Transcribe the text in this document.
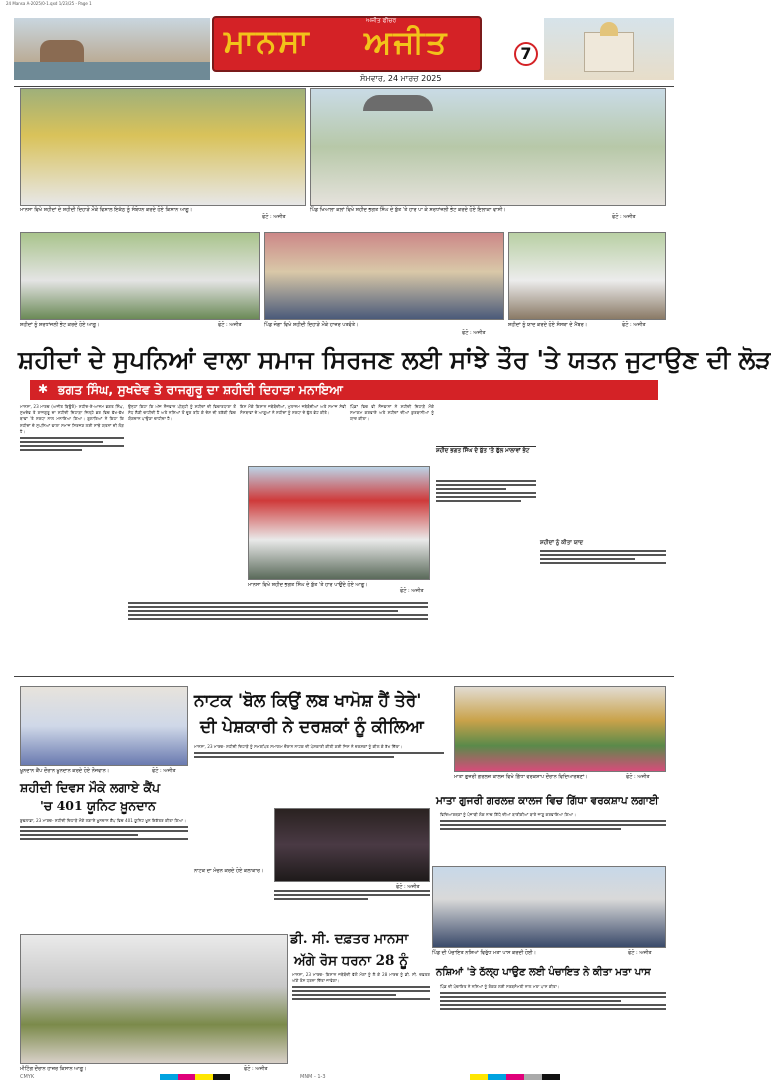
24 Mansa A-2025/0-1.qxd 1/23/25 - Page 1
ਮਾਨਸਾ
ਅਜੀਤ ਫੀਚਰ
ਅਜੀਤ
ਸੋਮਵਾਰ, 24 ਮਾਰਚ 2025
7
ਮਾਨਸਾ ਵਿਖੇ ਸ਼ਹੀਦਾਂ ਦੇ ਸ਼ਹੀਦੀ ਦਿਹਾੜੇ ਮੌਕੇ ਵਿਸ਼ਾਲ ਇਕੱਠ ਨੂੰ ਸੰਬੋਧਨ ਕਰਦੇ ਹੋਏ ਕਿਸਾਨ ਆਗੂ।
ਫੋਟੋ : ਅਜੀਤ
ਪਿੰਡ ਖਿਆਲਾ ਕਲਾਂ ਵਿਖੇ ਸ਼ਹੀਦ ਭਗਤ ਸਿੰਘ ਦੇ ਬੁੱਤ 'ਤੇ ਹਾਰ ਪਾ ਕੇ ਸ਼ਰਧਾਂਜਲੀ ਭੇਟ ਕਰਦੇ ਹੋਏ ਇਲਾਕਾ ਵਾਸੀ।
ਫੋਟੋ : ਅਜੀਤ
ਸ਼ਹੀਦਾਂ ਨੂੰ ਸ਼ਰਧਾਂਜਲੀ ਭੇਟ ਕਰਦੇ ਹੋਏ ਆਗੂ।	ਫੋਟੋ : ਅਜੀਤ	ਪਿੰਡ ਜੋਗਾ ਵਿਖੇ ਸ਼ਹੀਦੀ ਦਿਹਾੜੇ ਮੌਕੇ ਹਾਜ਼ਰ ਪਤਵੰਤੇ।
ਫੋਟੋ : ਅਜੀਤ
ਸ਼ਹੀਦਾਂ ਨੂੰ ਯਾਦ ਕਰਦੇ ਹੋਏ ਸੰਸਥਾ ਦੇ ਮੈਂਬਰ।	ਫੋਟੋ : ਅਜੀਤ
ਸ਼ਹੀਦਾਂ ਦੇ ਸੁਪਨਿਆਂ ਵਾਲਾ ਸਮਾਜ ਸਿਰਜਣ ਲਈ ਸਾਂਝੇ ਤੌਰ 'ਤੇ ਯਤਨ ਜੁਟਾਉਣ ਦੀ ਲੋੜ
✱ ਭਗਤ ਸਿੰਘ, ਸੁਖਦੇਵ ਤੇ ਰਾਜਗੁਰੂ ਦਾ ਸ਼ਹੀਦੀ ਦਿਹਾੜਾ ਮਨਾਇਆ

ਮਾਨਸਾ, 23 ਮਾਰਚ (ਅਜੀਤ ਬਿਊਰੋ)- ਸ਼ਹੀਦ-ਏ-ਆਜ਼ਮ ਭਗਤ ਸਿੰਘ, ਸੁਖਦੇਵ ਤੇ ਰਾਜਗੁਰੂ ਦਾ ਸ਼ਹੀਦੀ ਦਿਹਾੜਾ ਜ਼ਿਲ੍ਹੇ ਭਰ ਵਿਚ ਵੱਖ-ਵੱਖ ਥਾਵਾਂ 'ਤੇ ਸ਼ਰਧਾ ਨਾਲ ਮਨਾਇਆ ਗਿਆ। ਬੁਲਾਰਿਆਂ ਨੇ ਕਿਹਾ ਕਿ ਸ਼ਹੀਦਾਂ ਦੇ ਸੁਪਨਿਆਂ ਵਾਲਾ ਸਮਾਜ ਸਿਰਜਣ ਲਈ ਸਾਂਝੇ ਯਤਨਾਂ ਦੀ ਲੋੜ ਹੈ।

ਉਨ੍ਹਾਂ ਕਿਹਾ ਕਿ ਅੱਜ ਨੌਜਵਾਨ ਪੀੜ੍ਹੀ ਨੂੰ ਸ਼ਹੀਦਾਂ ਦੀ ਵਿਚਾਰਧਾਰਾ ਤੋਂ ਸੇਧ ਲੈਣੀ ਚਾਹੀਦੀ ਹੈ ਅਤੇ ਨਸ਼ਿਆਂ ਤੋਂ ਦੂਰ ਰਹਿ ਕੇ ਦੇਸ਼ ਦੀ ਤਰੱਕੀ ਵਿਚ ਯੋਗਦਾਨ ਪਾਉਣਾ ਚਾਹੀਦਾ ਹੈ।

ਇਸ ਮੌਕੇ ਕਿਸਾਨ ਜਥੇਬੰਦੀਆਂ, ਮੁਲਾਜ਼ਮ ਜਥੇਬੰਦੀਆਂ ਅਤੇ ਸਮਾਜ ਸੇਵੀ ਸੰਸਥਾਵਾਂ ਦੇ ਆਗੂਆਂ ਨੇ ਸ਼ਹੀਦਾਂ ਨੂੰ ਸ਼ਰਧਾ ਦੇ ਫੁੱਲ ਭੇਟ ਕੀਤੇ।

ਪਿੰਡਾਂ ਵਿਚ ਵੀ ਨੌਜਵਾਨਾਂ ਨੇ ਸ਼ਹੀਦੀ ਦਿਹਾੜੇ ਮੌਕੇ ਸਮਾਗਮ ਕਰਵਾਏ ਅਤੇ ਸ਼ਹੀਦਾਂ ਦੀਆਂ ਕੁਰਬਾਨੀਆਂ ਨੂੰ ਯਾਦ ਕੀਤਾ।

ਮਾਨਸਾ ਵਿਖੇ ਸ਼ਹੀਦ ਭਗਤ ਸਿੰਘ ਦੇ ਬੁੱਤ 'ਤੇ ਹਾਰ ਪਾਉਂਦੇ ਹੋਏ ਆਗੂ।
ਫੋਟੋ : ਅਜੀਤ
ਸ਼ਹੀਦ ਭਗਤ ਸਿੰਘ ਦੇ ਬੁੱਤ 'ਤੇ ਫੁੱਲ ਮਾਲਾਵਾਂ ਭੇਟ
ਸ਼ਹੀਦਾਂ ਨੂੰ ਕੀਤਾ ਯਾਦ
ਖ਼ੂਨਦਾਨ ਕੈਂਪ ਦੌਰਾਨ ਖ਼ੂਨਦਾਨ ਕਰਦੇ ਹੋਏ ਨੌਜਵਾਨ।	ਫੋਟੋ : ਅਜੀਤ
ਨਾਟਕ 'ਬੋਲ ਕਿਉਂ ਲਬ ਖਾਮੋਸ਼ ਹੈਂ ਤੇਰੇ'
ਦੀ ਪੇਸ਼ਕਾਰੀ ਨੇ ਦਰਸ਼ਕਾਂ ਨੂੰ ਕੀਲਿਆ

ਮਾਨਸਾ, 23 ਮਾਰਚ- ਸ਼ਹੀਦੀ ਦਿਹਾੜੇ ਨੂੰ ਸਮਰਪਿਤ ਸਮਾਗਮ ਦੌਰਾਨ ਨਾਟਕ ਦੀ ਪੇਸ਼ਕਾਰੀ ਕੀਤੀ ਗਈ ਜਿਸ ਨੇ ਦਰਸ਼ਕਾਂ ਨੂੰ ਕੀਲ ਕੇ ਰੱਖ ਦਿੱਤਾ।

ਸ਼ਹੀਦੀ ਦਿਵਸ ਮੌਕੇ ਲਗਾਏ ਕੈਂਪ
'ਚ 401 ਯੂਨਿਟ ਖ਼ੂਨਦਾਨ

ਬੁਢਲਾਡਾ, 23 ਮਾਰਚ- ਸ਼ਹੀਦੀ ਦਿਹਾੜੇ ਮੌਕੇ ਲਗਾਏ ਖ਼ੂਨਦਾਨ ਕੈਂਪ ਵਿਚ 401 ਯੂਨਿਟ ਖ਼ੂਨ ਇਕੱਤਰ ਕੀਤਾ ਗਿਆ।

ਨਾਟਕ ਦਾ ਮੰਚਨ ਕਰਦੇ ਹੋਏ ਕਲਾਕਾਰ।
ਫੋਟੋ : ਅਜੀਤ
ਮਾਤਾ ਗੁਜਰੀ ਗਰਲਜ਼ ਕਾਲਜ ਵਿਖੇ ਗਿੱਧਾ ਵਰਕਸ਼ਾਪ ਦੌਰਾਨ ਵਿਦਿਆਰਥਣਾਂ।	ਫੋਟੋ : ਅਜੀਤ
ਮਾਤਾ ਗੁਜਰੀ ਗਰਲਜ਼ ਕਾਲਜ ਵਿਚ ਗਿੱਧਾ ਵਰਕਸ਼ਾਪ ਲਗਾਈ

ਵਿਦਿਆਰਥਣਾਂ ਨੂੰ ਪੰਜਾਬੀ ਲੋਕ ਨਾਚ ਗਿੱਧੇ ਦੀਆਂ ਬਾਰੀਕੀਆਂ ਬਾਰੇ ਜਾਣੂ ਕਰਵਾਇਆ ਗਿਆ।

ਪਿੰਡ ਦੀ ਪੰਚਾਇਤ ਨਸ਼ਿਆਂ ਵਿਰੁੱਧ ਮਤਾ ਪਾਸ ਕਰਦੀ ਹੋਈ।	ਫੋਟੋ : ਅਜੀਤ
ਡੀ. ਸੀ. ਦਫ਼ਤਰ ਮਾਨਸਾ
ਅੱਗੇ ਰੋਸ ਧਰਨਾ 28 ਨੂੰ
ਮੀਟਿੰਗ ਦੌਰਾਨ ਹਾਜ਼ਰ ਕਿਸਾਨ ਆਗੂ।	ਫੋਟੋ : ਅਜੀਤ

ਮਾਨਸਾ, 23 ਮਾਰਚ- ਕਿਸਾਨ ਜਥੇਬੰਦੀ ਵੱਲੋਂ ਮੰਗਾਂ ਨੂੰ ਲੈ ਕੇ 28 ਮਾਰਚ ਨੂੰ ਡੀ. ਸੀ. ਦਫ਼ਤਰ ਅੱਗੇ ਰੋਸ ਧਰਨਾ ਦਿੱਤਾ ਜਾਵੇਗਾ।

ਨਸ਼ਿਆਂ 'ਤੇ ਠੱਲ੍ਹ ਪਾਉਣ ਲਈ ਪੰਚਾਇਤ ਨੇ ਕੀਤਾ ਮਤਾ ਪਾਸ

ਪਿੰਡ ਦੀ ਪੰਚਾਇਤ ਨੇ ਨਸ਼ਿਆਂ ਨੂੰ ਰੋਕਣ ਲਈ ਸਰਬਸੰਮਤੀ ਨਾਲ ਮਤਾ ਪਾਸ ਕੀਤਾ।

CMYK	MNM - 1-3
